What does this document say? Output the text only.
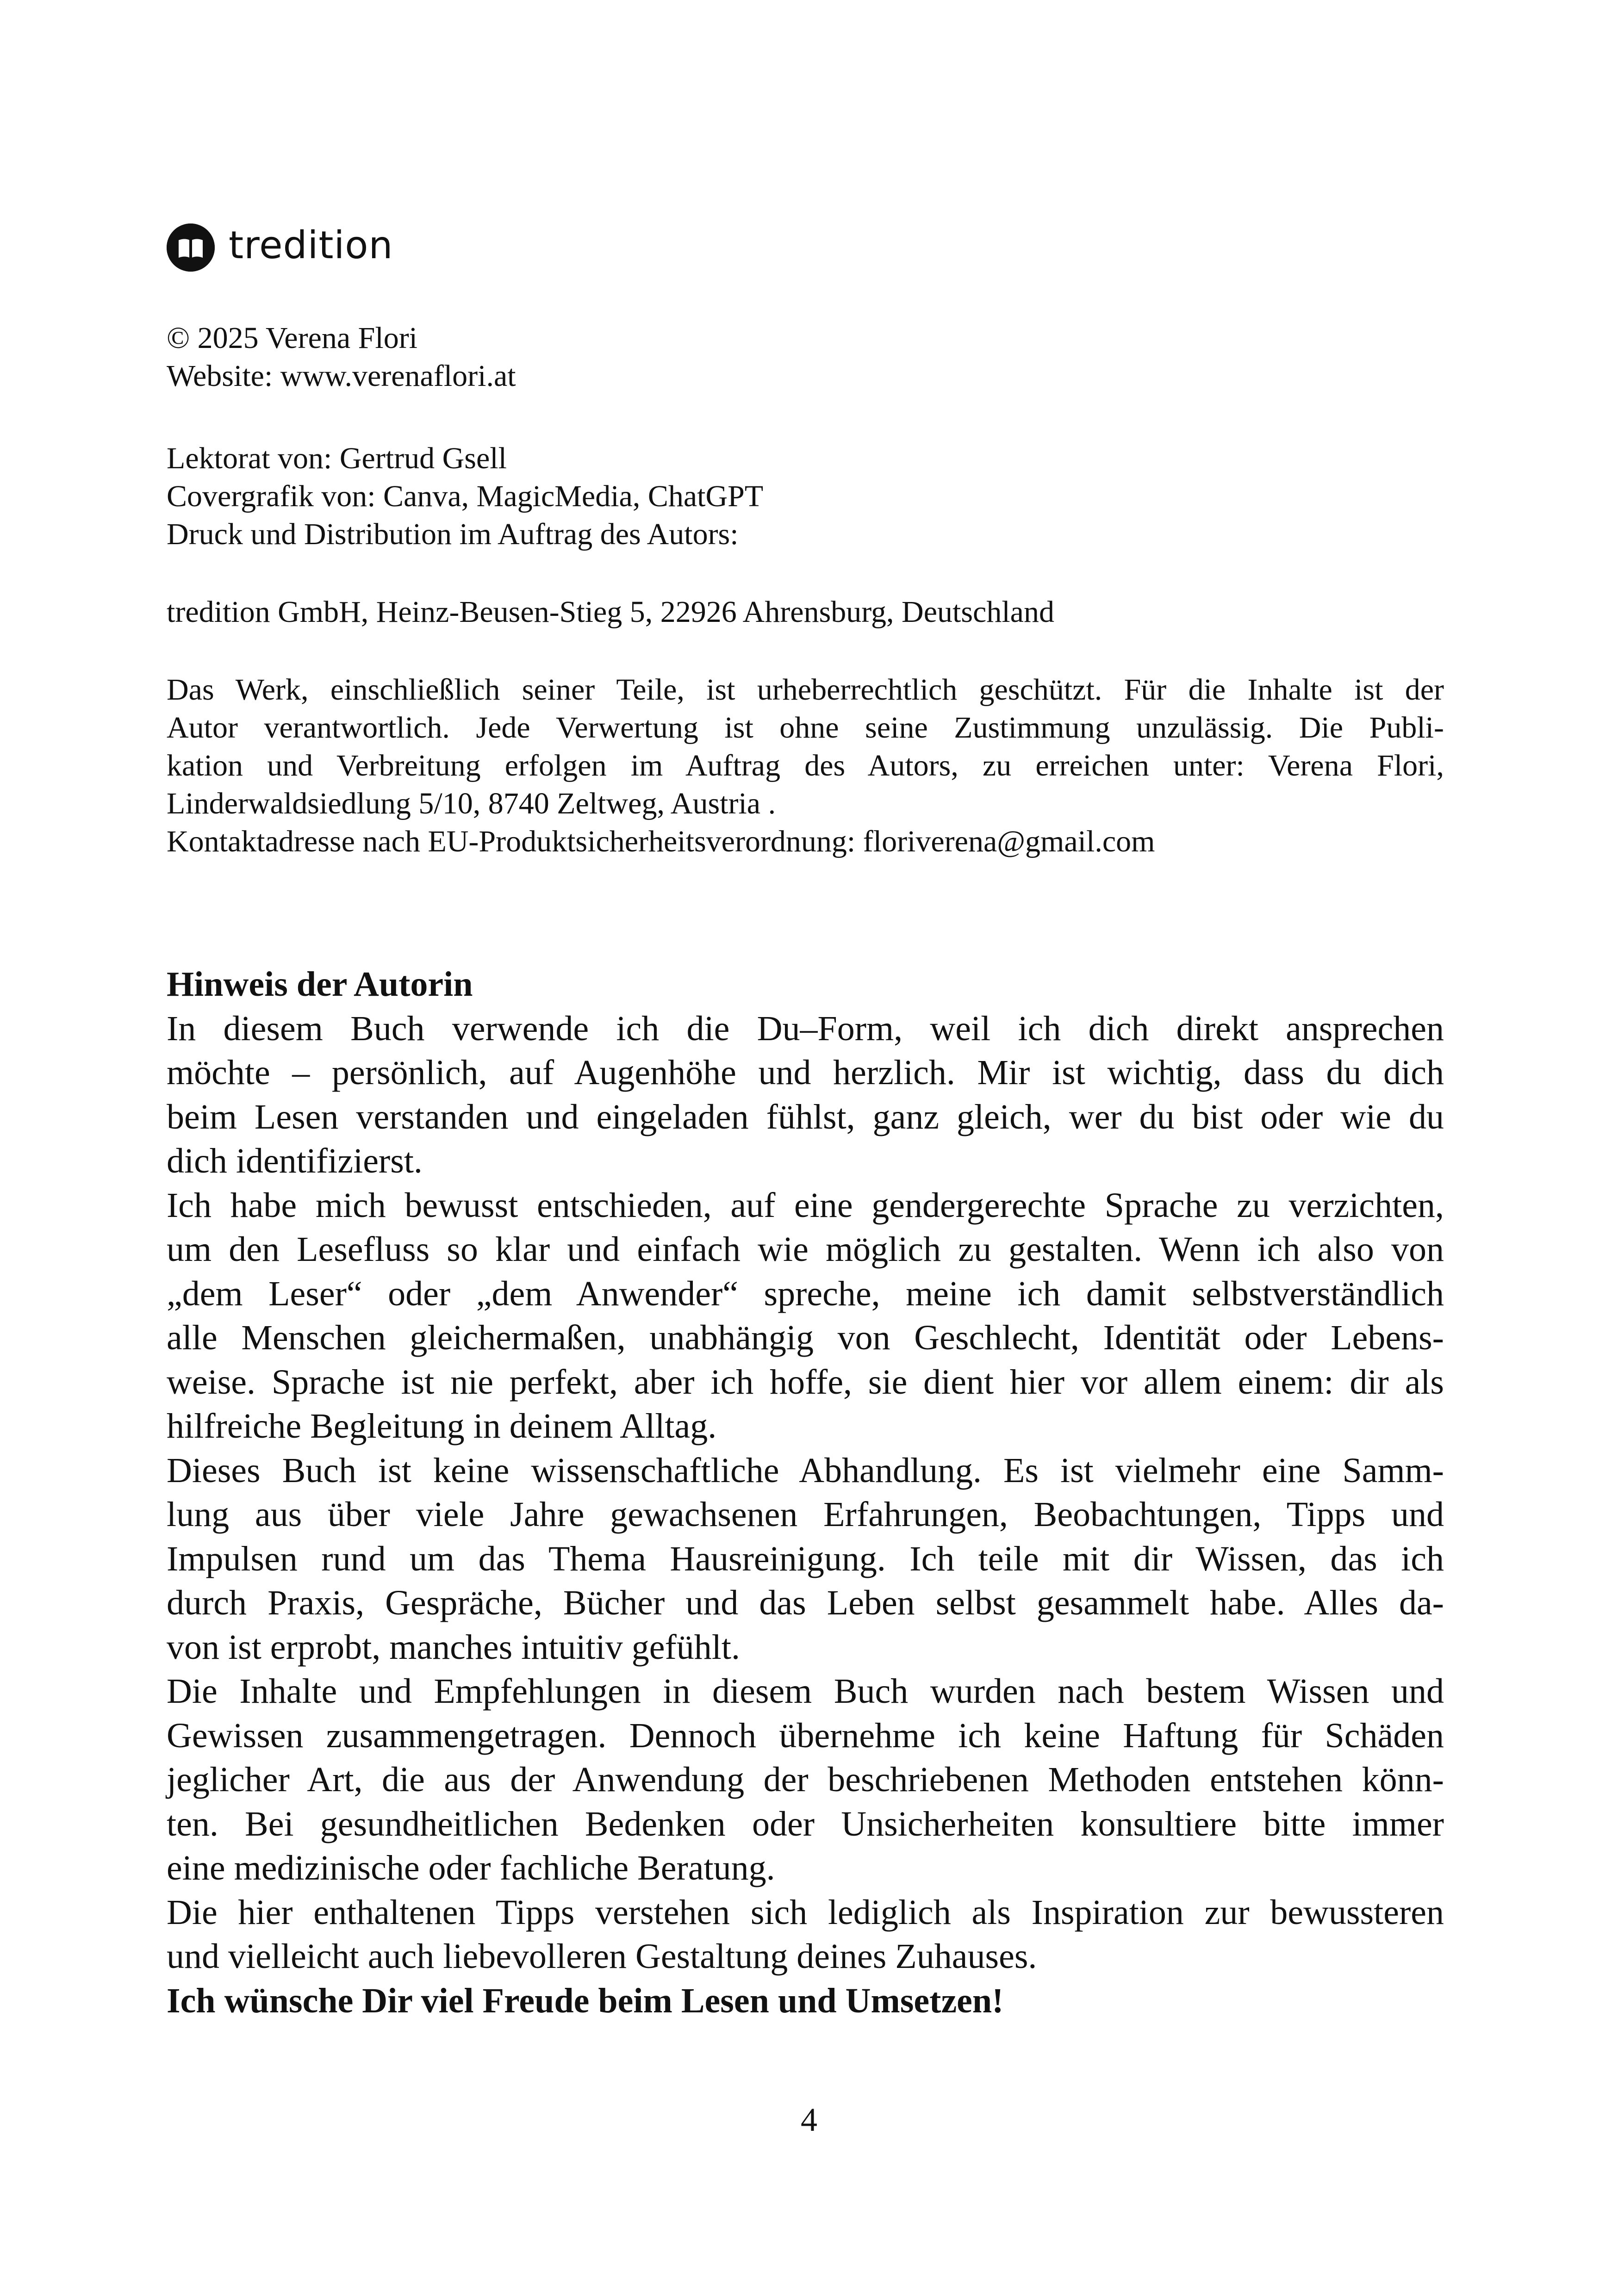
tredition
© 2025 Verena Flori
Website: www.verenaflori.at
Lektorat von: Gertrud Gsell
Covergrafik von: Canva, MagicMedia, ChatGPT
Druck und Distribution im Auftrag des Autors:
tredition GmbH, Heinz-Beusen-Stieg 5, 22926 Ahrensburg, Deutschland
Das Werk, einschließlich seiner Teile, ist urheberrechtlich geschützt. Für die Inhalte ist der
Autor verantwortlich. Jede Verwertung ist ohne seine Zustimmung unzulässig. Die Publi-
kation und Verbreitung erfolgen im Auftrag des Autors, zu erreichen unter: Verena Flori,
Linderwaldsiedlung 5/10, 8740 Zeltweg, Austria .
Kontaktadresse nach EU-Produktsicherheitsverordnung: floriverena@gmail.com
Hinweis der Autorin
In diesem Buch verwende ich die Du–Form, weil ich dich direkt ansprechen
möchte – persönlich, auf Augenhöhe und herzlich. Mir ist wichtig, dass du dich
beim Lesen verstanden und eingeladen fühlst, ganz gleich, wer du bist oder wie du
dich identifizierst.
Ich habe mich bewusst entschieden, auf eine gendergerechte Sprache zu verzichten,
um den Lesefluss so klar und einfach wie möglich zu gestalten. Wenn ich also von
„dem Leser“ oder „dem Anwender“ spreche, meine ich damit selbstverständlich
alle Menschen gleichermaßen, unabhängig von Geschlecht, Identität oder Lebens-
weise. Sprache ist nie perfekt, aber ich hoffe, sie dient hier vor allem einem: dir als
hilfreiche Begleitung in deinem Alltag.
Dieses Buch ist keine wissenschaftliche Abhandlung. Es ist vielmehr eine Samm-
lung aus über viele Jahre gewachsenen Erfahrungen, Beobachtungen, Tipps und
Impulsen rund um das Thema Hausreinigung. Ich teile mit dir Wissen, das ich
durch Praxis, Gespräche, Bücher und das Leben selbst gesammelt habe. Alles da-
von ist erprobt, manches intuitiv gefühlt.
Die Inhalte und Empfehlungen in diesem Buch wurden nach bestem Wissen und
Gewissen zusammengetragen. Dennoch übernehme ich keine Haftung für Schäden
jeglicher Art, die aus der Anwendung der beschriebenen Methoden entstehen könn-
ten. Bei gesundheitlichen Bedenken oder Unsicherheiten konsultiere bitte immer
eine medizinische oder fachliche Beratung.
Die hier enthaltenen Tipps verstehen sich lediglich als Inspiration zur bewussteren
und vielleicht auch liebevolleren Gestaltung deines Zuhauses.
Ich wünsche Dir viel Freude beim Lesen und Umsetzen!
4
